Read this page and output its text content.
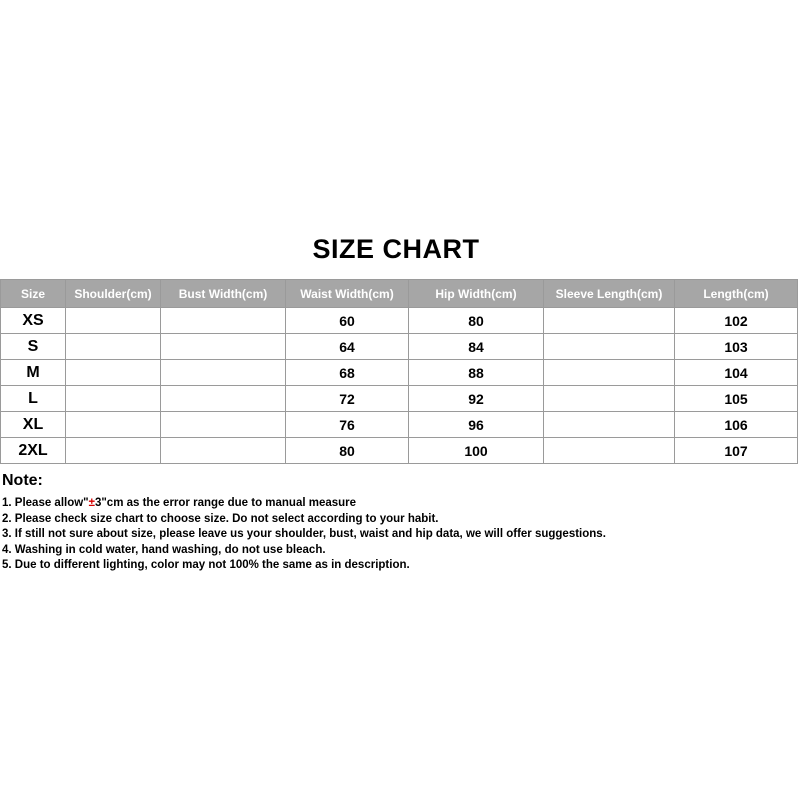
SIZE CHART
Size	Shoulder(cm)	Bust Width(cm)	Waist Width(cm)	Hip Width(cm)	Sleeve Length(cm)	Length(cm)
XS			60	80		102
S			64	84		103
M			68	88		104
L			72	92		105
XL			76	96		106
2XL			80	100		107
Note:
1. Please allow"±3"cm as the error range due to manual measure
2. Please check size chart to choose size. Do not select according to your habit.
3. If still not sure about size, please leave us your shoulder, bust, waist and hip data, we will offer suggestions.
4. Washing in cold water, hand washing, do not use bleach.
5. Due to different lighting, color may not 100% the same as in description.
